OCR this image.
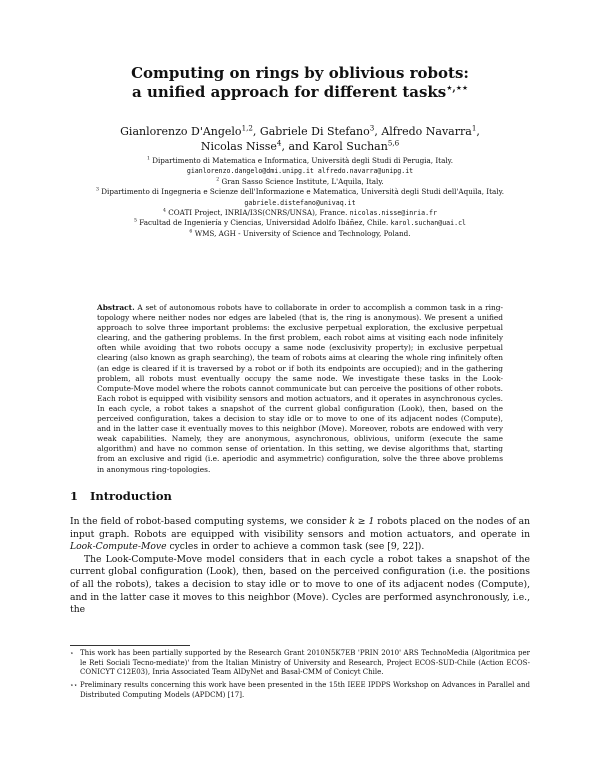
Computing on rings by oblivious robots:
a unified approach for different tasks⋆,⋆⋆
Gianlorenzo D'Angelo$^{1,2}$, Gabriele Di Stefano$^3$, Alfredo Navarra$^1$,
Nicolas Nisse$^4$, and Karol Suchan$^{5,6}$

$^1$ Dipartimento di Matematica e Informatica, Università degli Studi di Perugia, Italy.

gianlorenzo.dangelo@dmi.unipg.it alfredo.navarra@unipg.it

$^2$ Gran Sasso Science Institute, L'Aquila, Italy.

$^3$ Dipartimento di Ingegneria e Scienze dell'Informazione e Matematica, Università degli Studi dell'Aquila, Italy.

gabriele.distefano@univaq.it

$^4$ COATI Project, INRIA/I3S(CNRS/UNSA), France. nicolas.nisse@inria.fr

$^5$ Facultad de Ingeniería y Ciencias, Universidad Adolfo Ibáñez, Chile. karol.suchan@uai.cl

$^6$ WMS, AGH - University of Science and Technology, Poland.

Abstract. A set of autonomous robots have to collaborate in order to accomplish a common task in a ring-topology where neither nodes nor edges are labeled (that is, the ring is anonymous). We present a unified approach to solve three important problems: the exclusive perpetual exploration, the exclusive perpetual clearing, and the gathering problems. In the first problem, each robot aims at visiting each node infinitely often while avoiding that two robots occupy a same node (exclusivity property); in exclusive perpetual clearing (also known as graph searching), the team of robots aims at clearing the whole ring infinitely often (an edge is cleared if it is traversed by a robot or if both its endpoints are occupied); and in the gathering problem, all robots must eventually occupy the same node. We investigate these tasks in the Look-Compute-Move model where the robots cannot communicate but can perceive the positions of other robots. Each robot is equipped with visibility sensors and motion actuators, and it operates in asynchronous cycles. In each cycle, a robot takes a snapshot of the current global configuration (Look), then, based on the perceived configuration, takes a decision to stay idle or to move to one of its adjacent nodes (Compute), and in the latter case it eventually moves to this neighbor (Move). Moreover, robots are endowed with very weak capabilities. Namely, they are anonymous, asynchronous, oblivious, uniform (execute the same algorithm) and have no common sense of orientation. In this setting, we devise algorithms that, starting from an exclusive and rigid (i.e. aperiodic and asymmetric) configuration, solve the three above problems in anonymous ring-topologies.

1 Introduction

In the field of robot-based computing systems, we consider k ≥ 1 robots placed on the nodes of an input graph. Robots are equipped with visibility sensors and motion actuators, and operate in Look-Compute-Move cycles in order to achieve a common task (see [9, 22]).

The Look-Compute-Move model considers that in each cycle a robot takes a snapshot of the current global configuration (Look), then, based on the perceived configuration (i.e. the positions of all the robots), takes a decision to stay idle or to move to one of its adjacent nodes (Compute), and in the latter case it moves to this neighbor (Move). Cycles are performed asynchronously, i.e., the

⋆ This work has been partially supported by the Research Grant 2010N5K7EB 'PRIN 2010' ARS TechnoMedia (Algoritmica per le Reti Sociali Tecno-mediate)' from the Italian Ministry of University and Research, Project ECOS-SUD-Chile (Action ECOS-CONICYT C12E03), Inria Associated Team AlDyNet and Basal-CMM of Conicyt Chile.
⋆⋆ Preliminary results concerning this work have been presented in the 15th IEEE IPDPS Workshop on Advances in Parallel and Distributed Computing Models (APDCM) [17].
